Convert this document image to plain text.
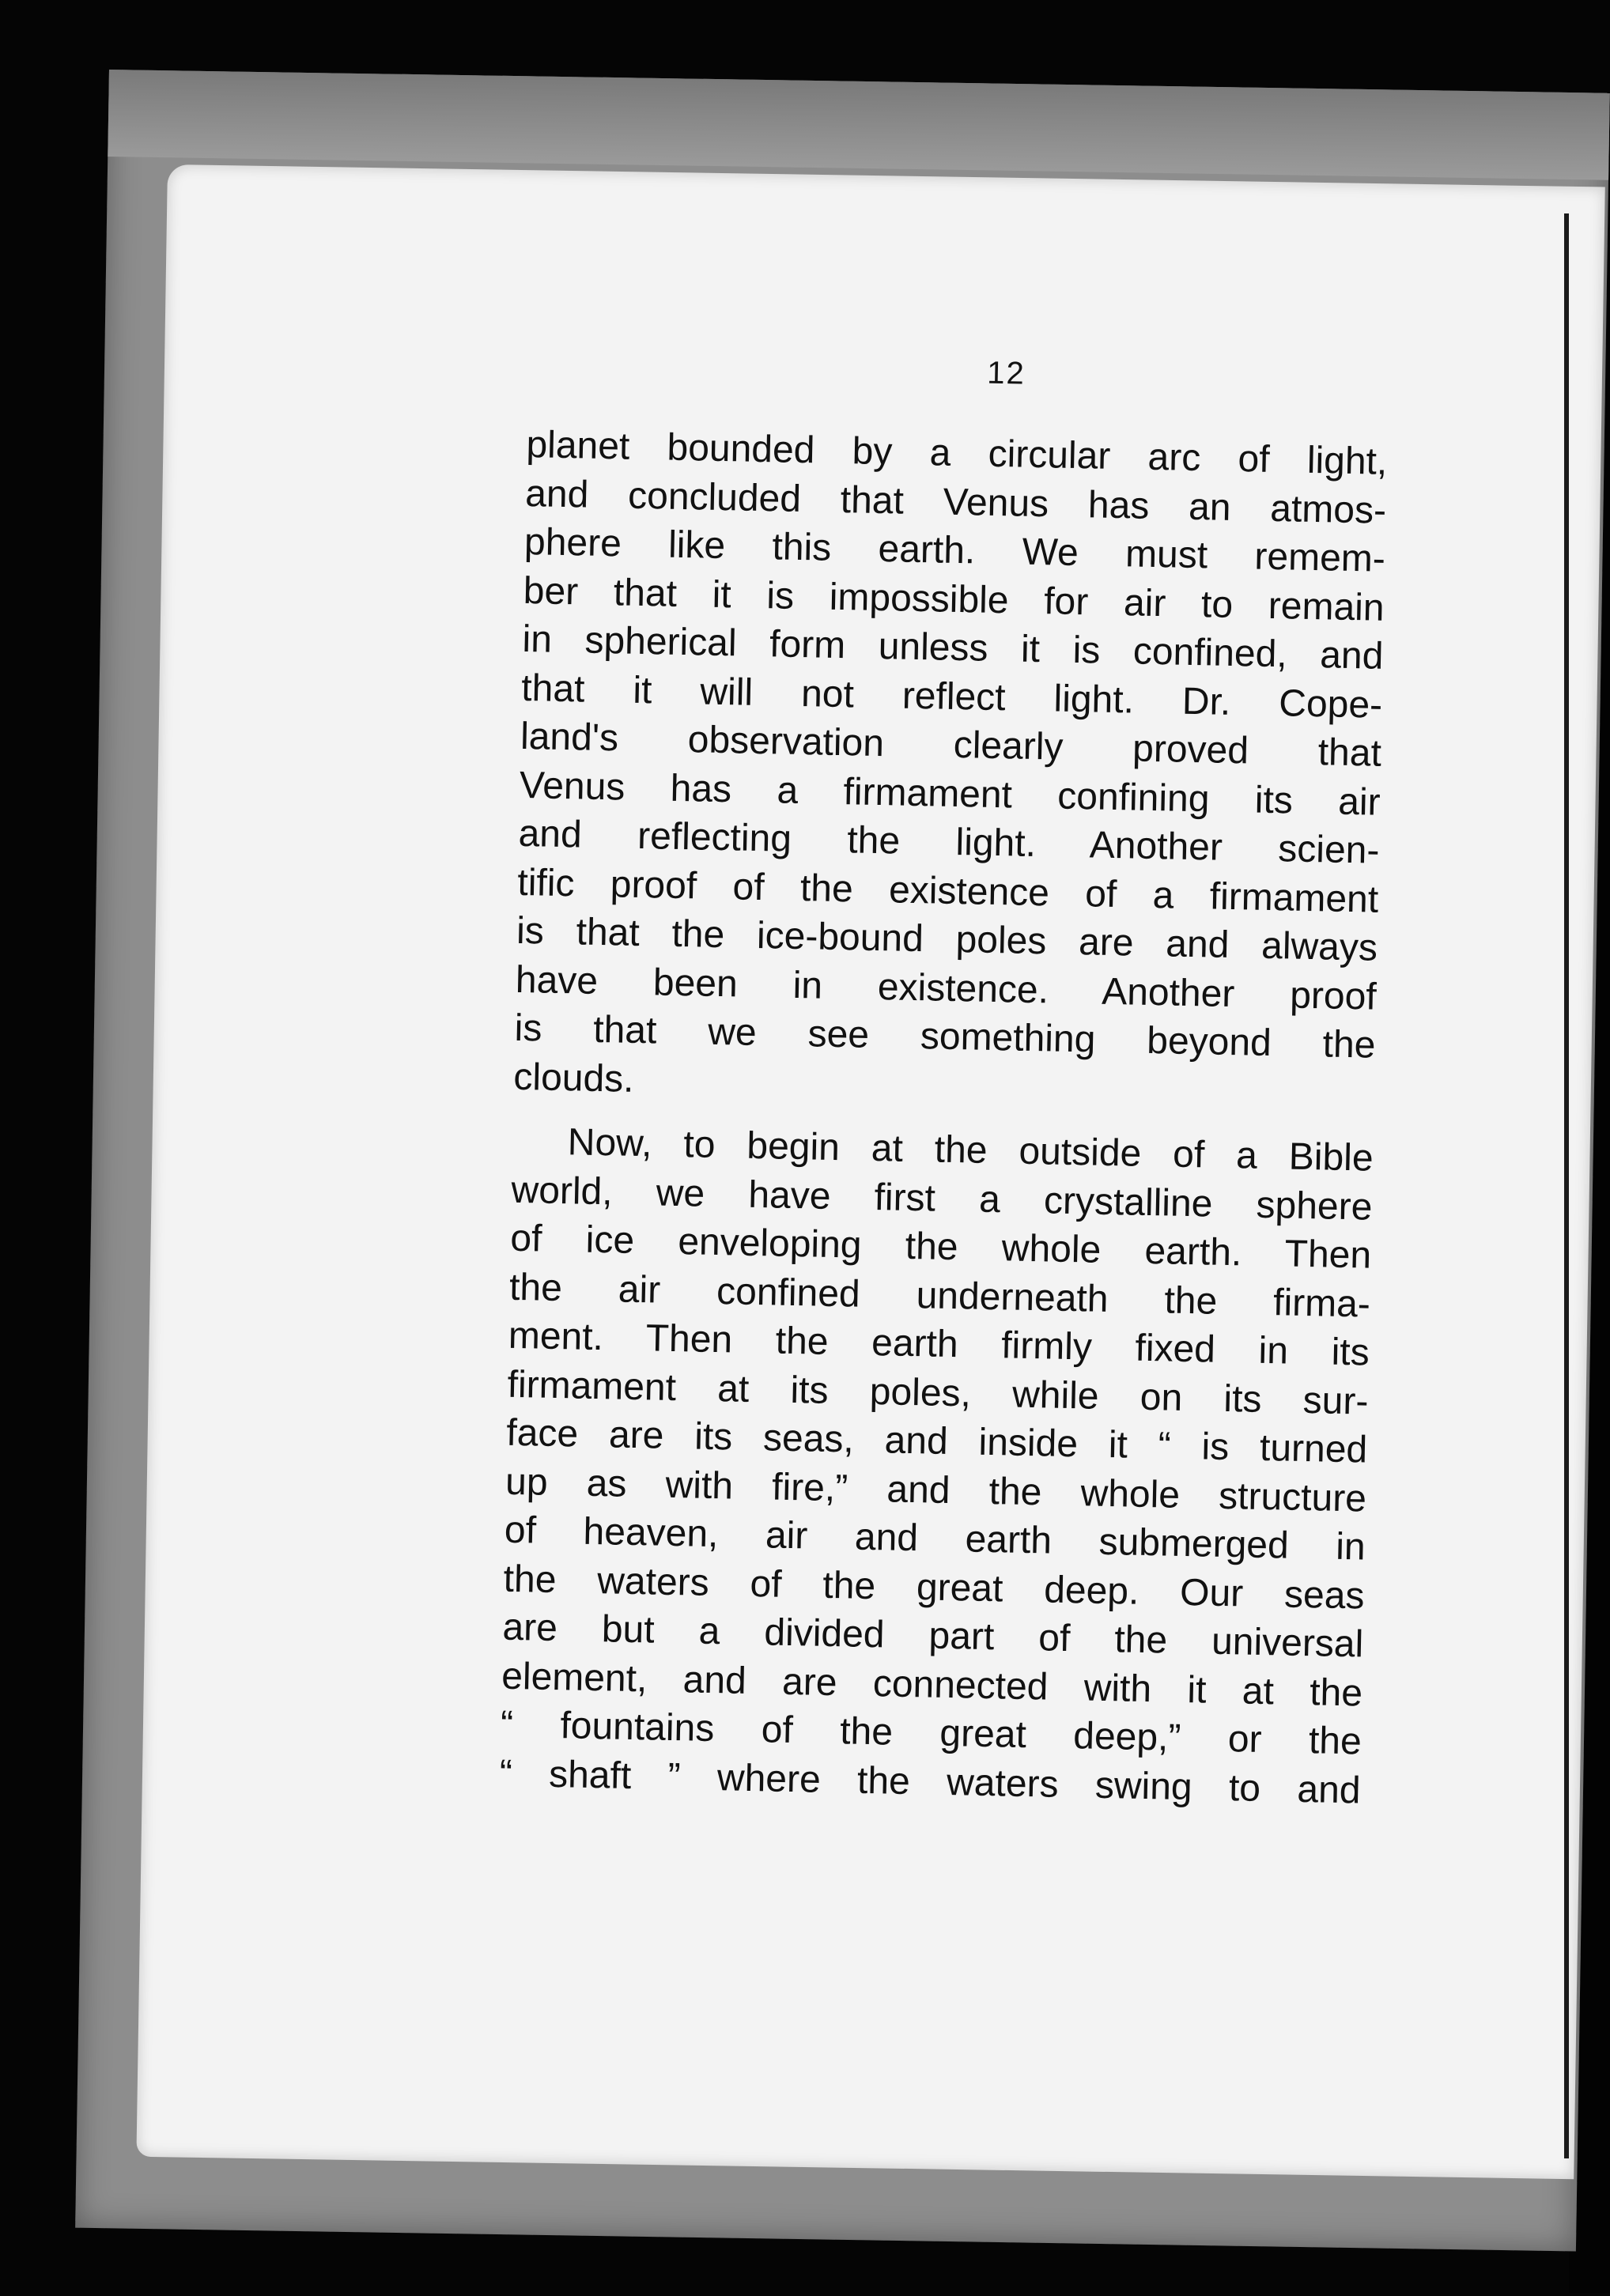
12
planet bounded by a circular arc of light,
and concluded that Venus has an atmos-
phere like this earth. We must remem-
ber that it is impossible for air to remain
in spherical form unless it is confined, and
that it will not reflect light. Dr. Cope-
land's observation clearly proved that
Venus has a firmament confining its air
and reflecting the light. Another scien-
tific proof of the existence of a firmament
is that the ice-bound poles are and always
have been in existence. Another proof
is that we see something beyond the
clouds.
Now, to begin at the outside of a Bible
world, we have first a crystalline sphere
of ice enveloping the whole earth. Then
the air confined underneath the firma-
ment. Then the earth firmly fixed in its
firmament at its poles, while on its sur-
face are its seas, and inside it “ is turned
up as with fire,” and the whole structure
of heaven, air and earth submerged in
the waters of the great deep. Our seas
are but a divided part of the universal
element, and are connected with it at the
“ fountains of the great deep,” or the
“ shaft ” where the waters swing to and
